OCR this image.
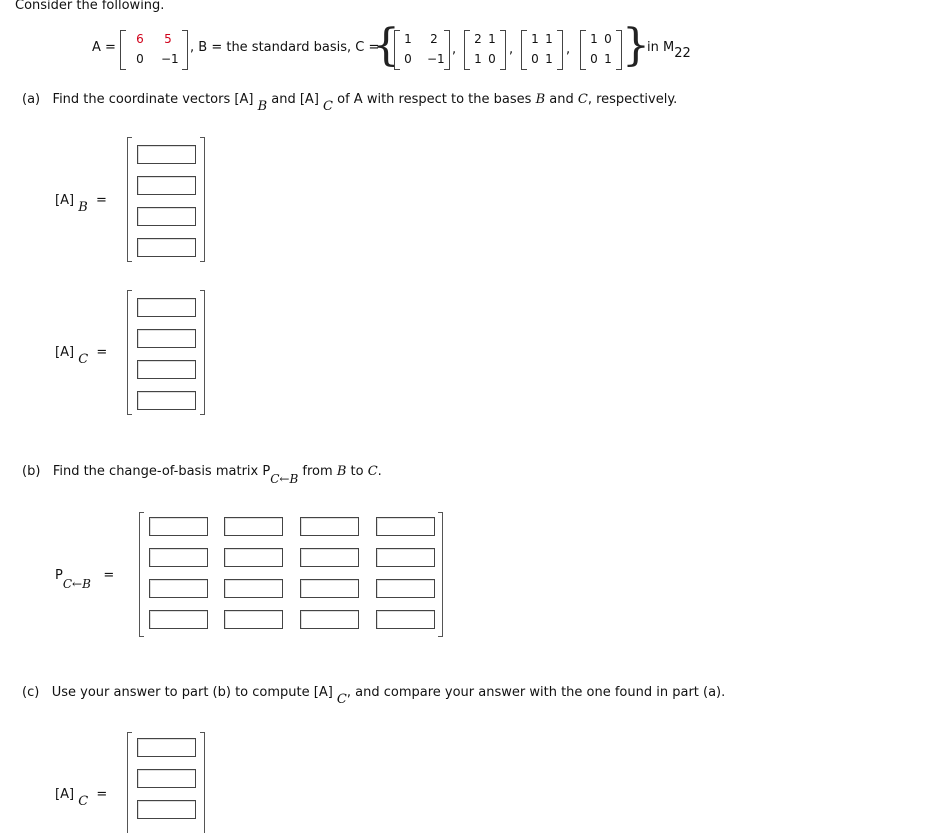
Consider the following.
A =
6 5
0 −1
, B = the standard basis, C =
{ 1 2
0 −1
,
2 1
1 0
,
1 1
0 1
,
1 0
0 1 }
in M22
(a) Find the coordinate vectors [A] B and [A] C of A with respect to the bases B and C, respectively.
[A] B =
[A] C =
(b) Find the change-of-basis matrix PC←B from B to C.
PC←B   =
(c) Use your answer to part (b) to compute [A] C, and compare your answer with the one found in part (a).
[A] C =
